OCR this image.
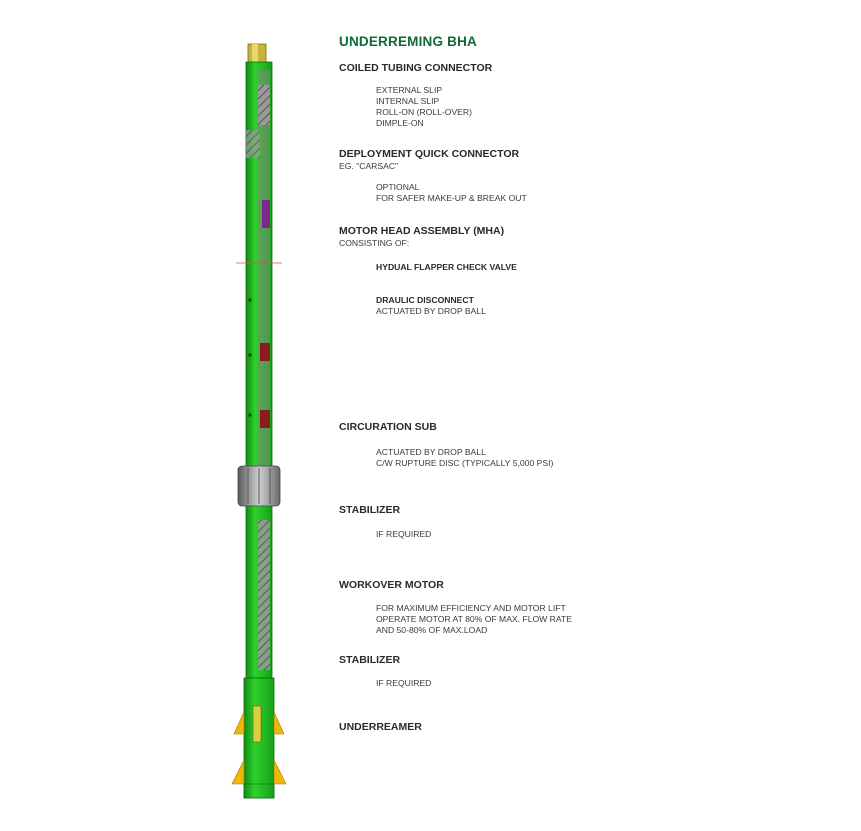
UNDERREMING BHA
COILED TUBING CONNECTOR
EXTERNAL SLIP
INTERNAL SLIP
ROLL-ON (ROLL-OVER)
DIMPLE-ON
DEPLOYMENT QUICK CONNECTOR
EG. "CARSAC"
OPTIONAL
FOR SAFER MAKE-UP & BREAK OUT
MOTOR HEAD ASSEMBLY (MHA)
CONSISTING OF:
HYDUAL FLAPPER CHECK VALVE
DRAULIC DISCONNECT
ACTUATED BY DROP BALL
CIRCURATION SUB
ACTUATED BY DROP BALL
C/W RUPTURE DISC (TYPICALLY 5,000 PSI)
STABILIZER
IF REQUIRED
WORKOVER MOTOR
FOR MAXIMUM EFFICIENCY AND MOTOR LIFT
OPERATE MOTOR AT 80% OF MAX. FLOW RATE
AND 50-80% OF MAX.LOAD
STABILIZER
IF REQUIRED
UNDERREAMER
